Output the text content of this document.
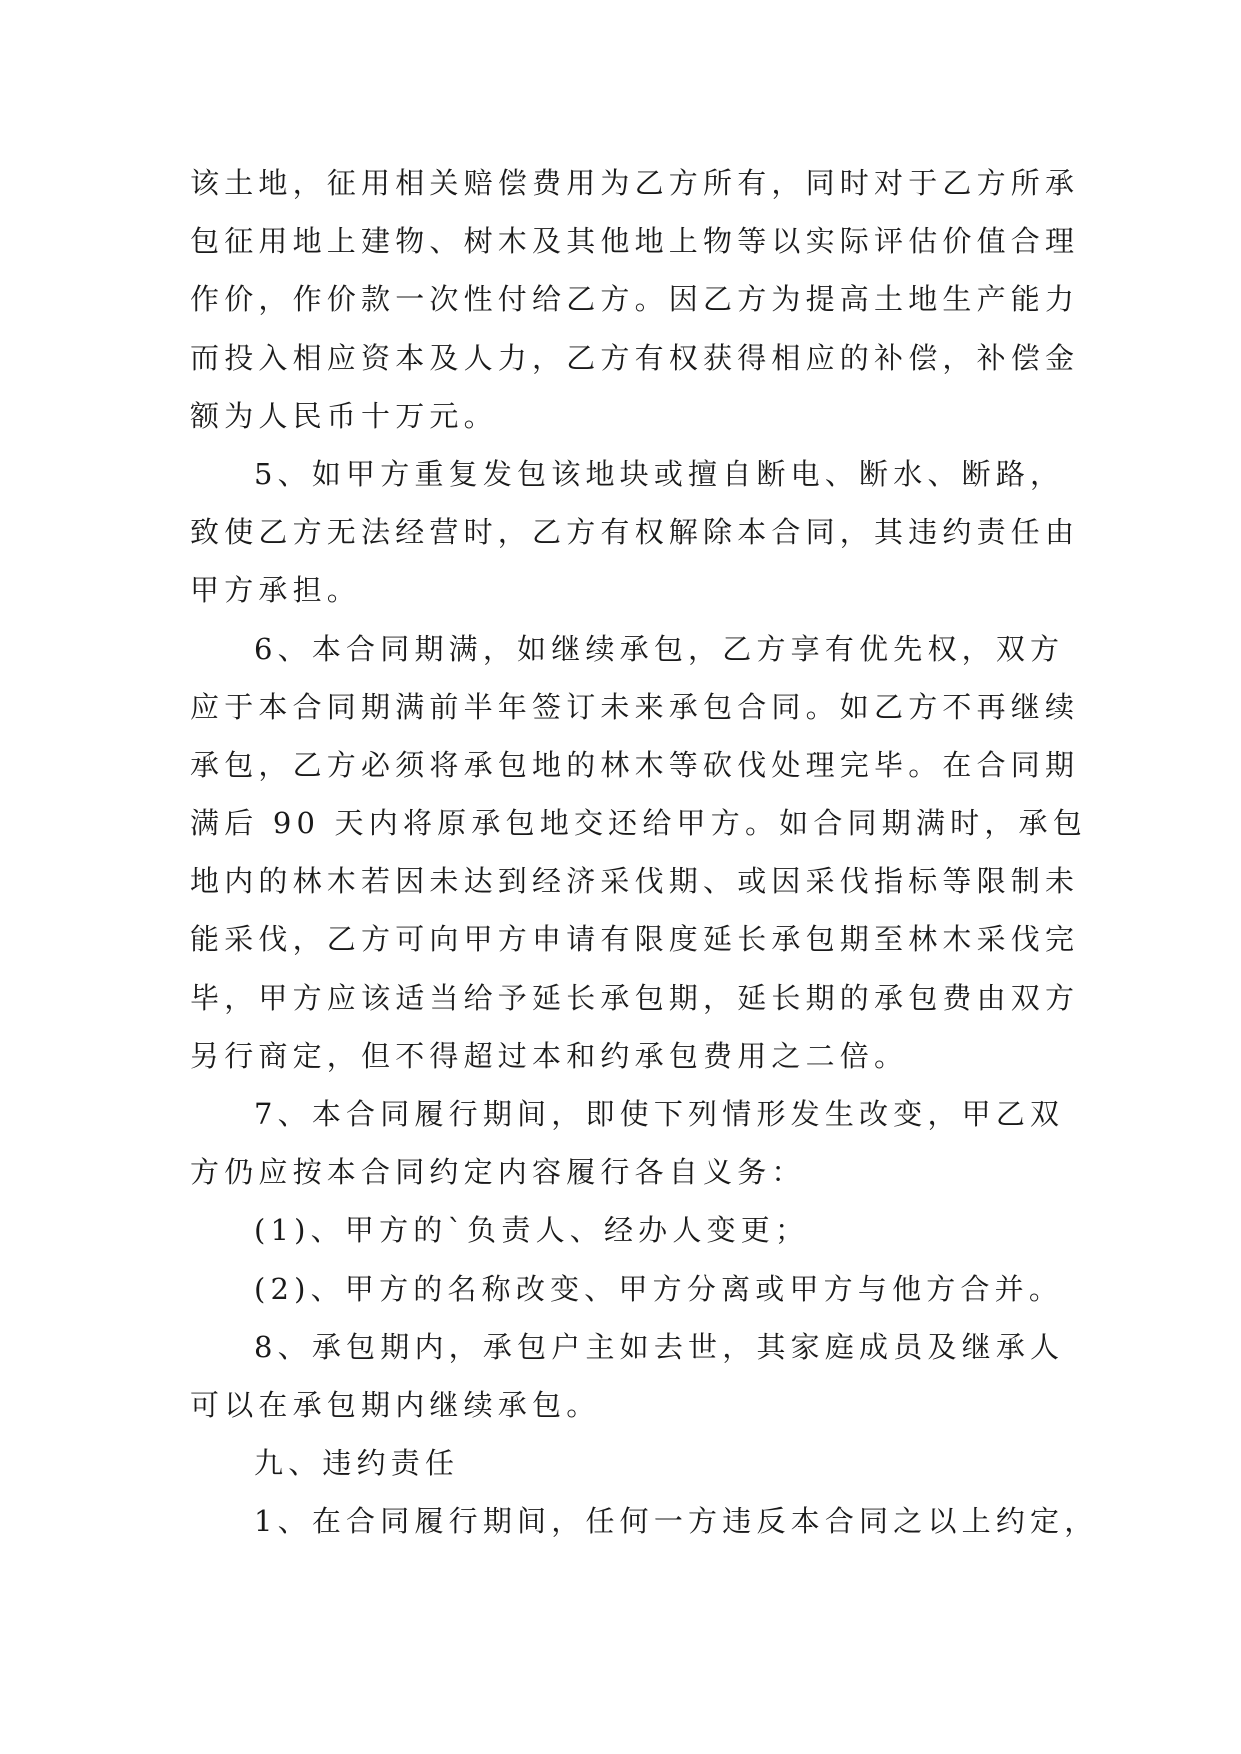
该土地，征用相关赔偿费用为乙方所有，同时对于乙方所承
包征用地上建物、树木及其他地上物等以实际评估价值合理
作价，作价款一次性付给乙方。因乙方为提高土地生产能力
而投入相应资本及人力，乙方有权获得相应的补偿，补偿金
额为人民币十万元。
5、如甲方重复发包该地块或擅自断电、断水、断路，
致使乙方无法经营时，乙方有权解除本合同，其违约责任由
甲方承担。
6、本合同期满，如继续承包，乙方享有优先权，双方
应于本合同期满前半年签订未来承包合同。如乙方不再继续
承包，乙方必须将承包地的林木等砍伐处理完毕。在合同期
满后 90 天内将原承包地交还给甲方。如合同期满时，承包
地内的林木若因未达到经济采伐期、或因采伐指标等限制未
能采伐，乙方可向甲方申请有限度延长承包期至林木采伐完
毕，甲方应该适当给予延长承包期，延长期的承包费由双方
另行商定，但不得超过本和约承包费用之二倍。
7、本合同履行期间，即使下列情形发生改变，甲乙双
方仍应按本合同约定内容履行各自义务：
(1)、甲方的`负责人、经办人变更；
(2)、甲方的名称改变、甲方分离或甲方与他方合并。
8、承包期内，承包户主如去世，其家庭成员及继承人
可以在承包期内继续承包。
九、违约责任
1、在合同履行期间，任何一方违反本合同之以上约定，
